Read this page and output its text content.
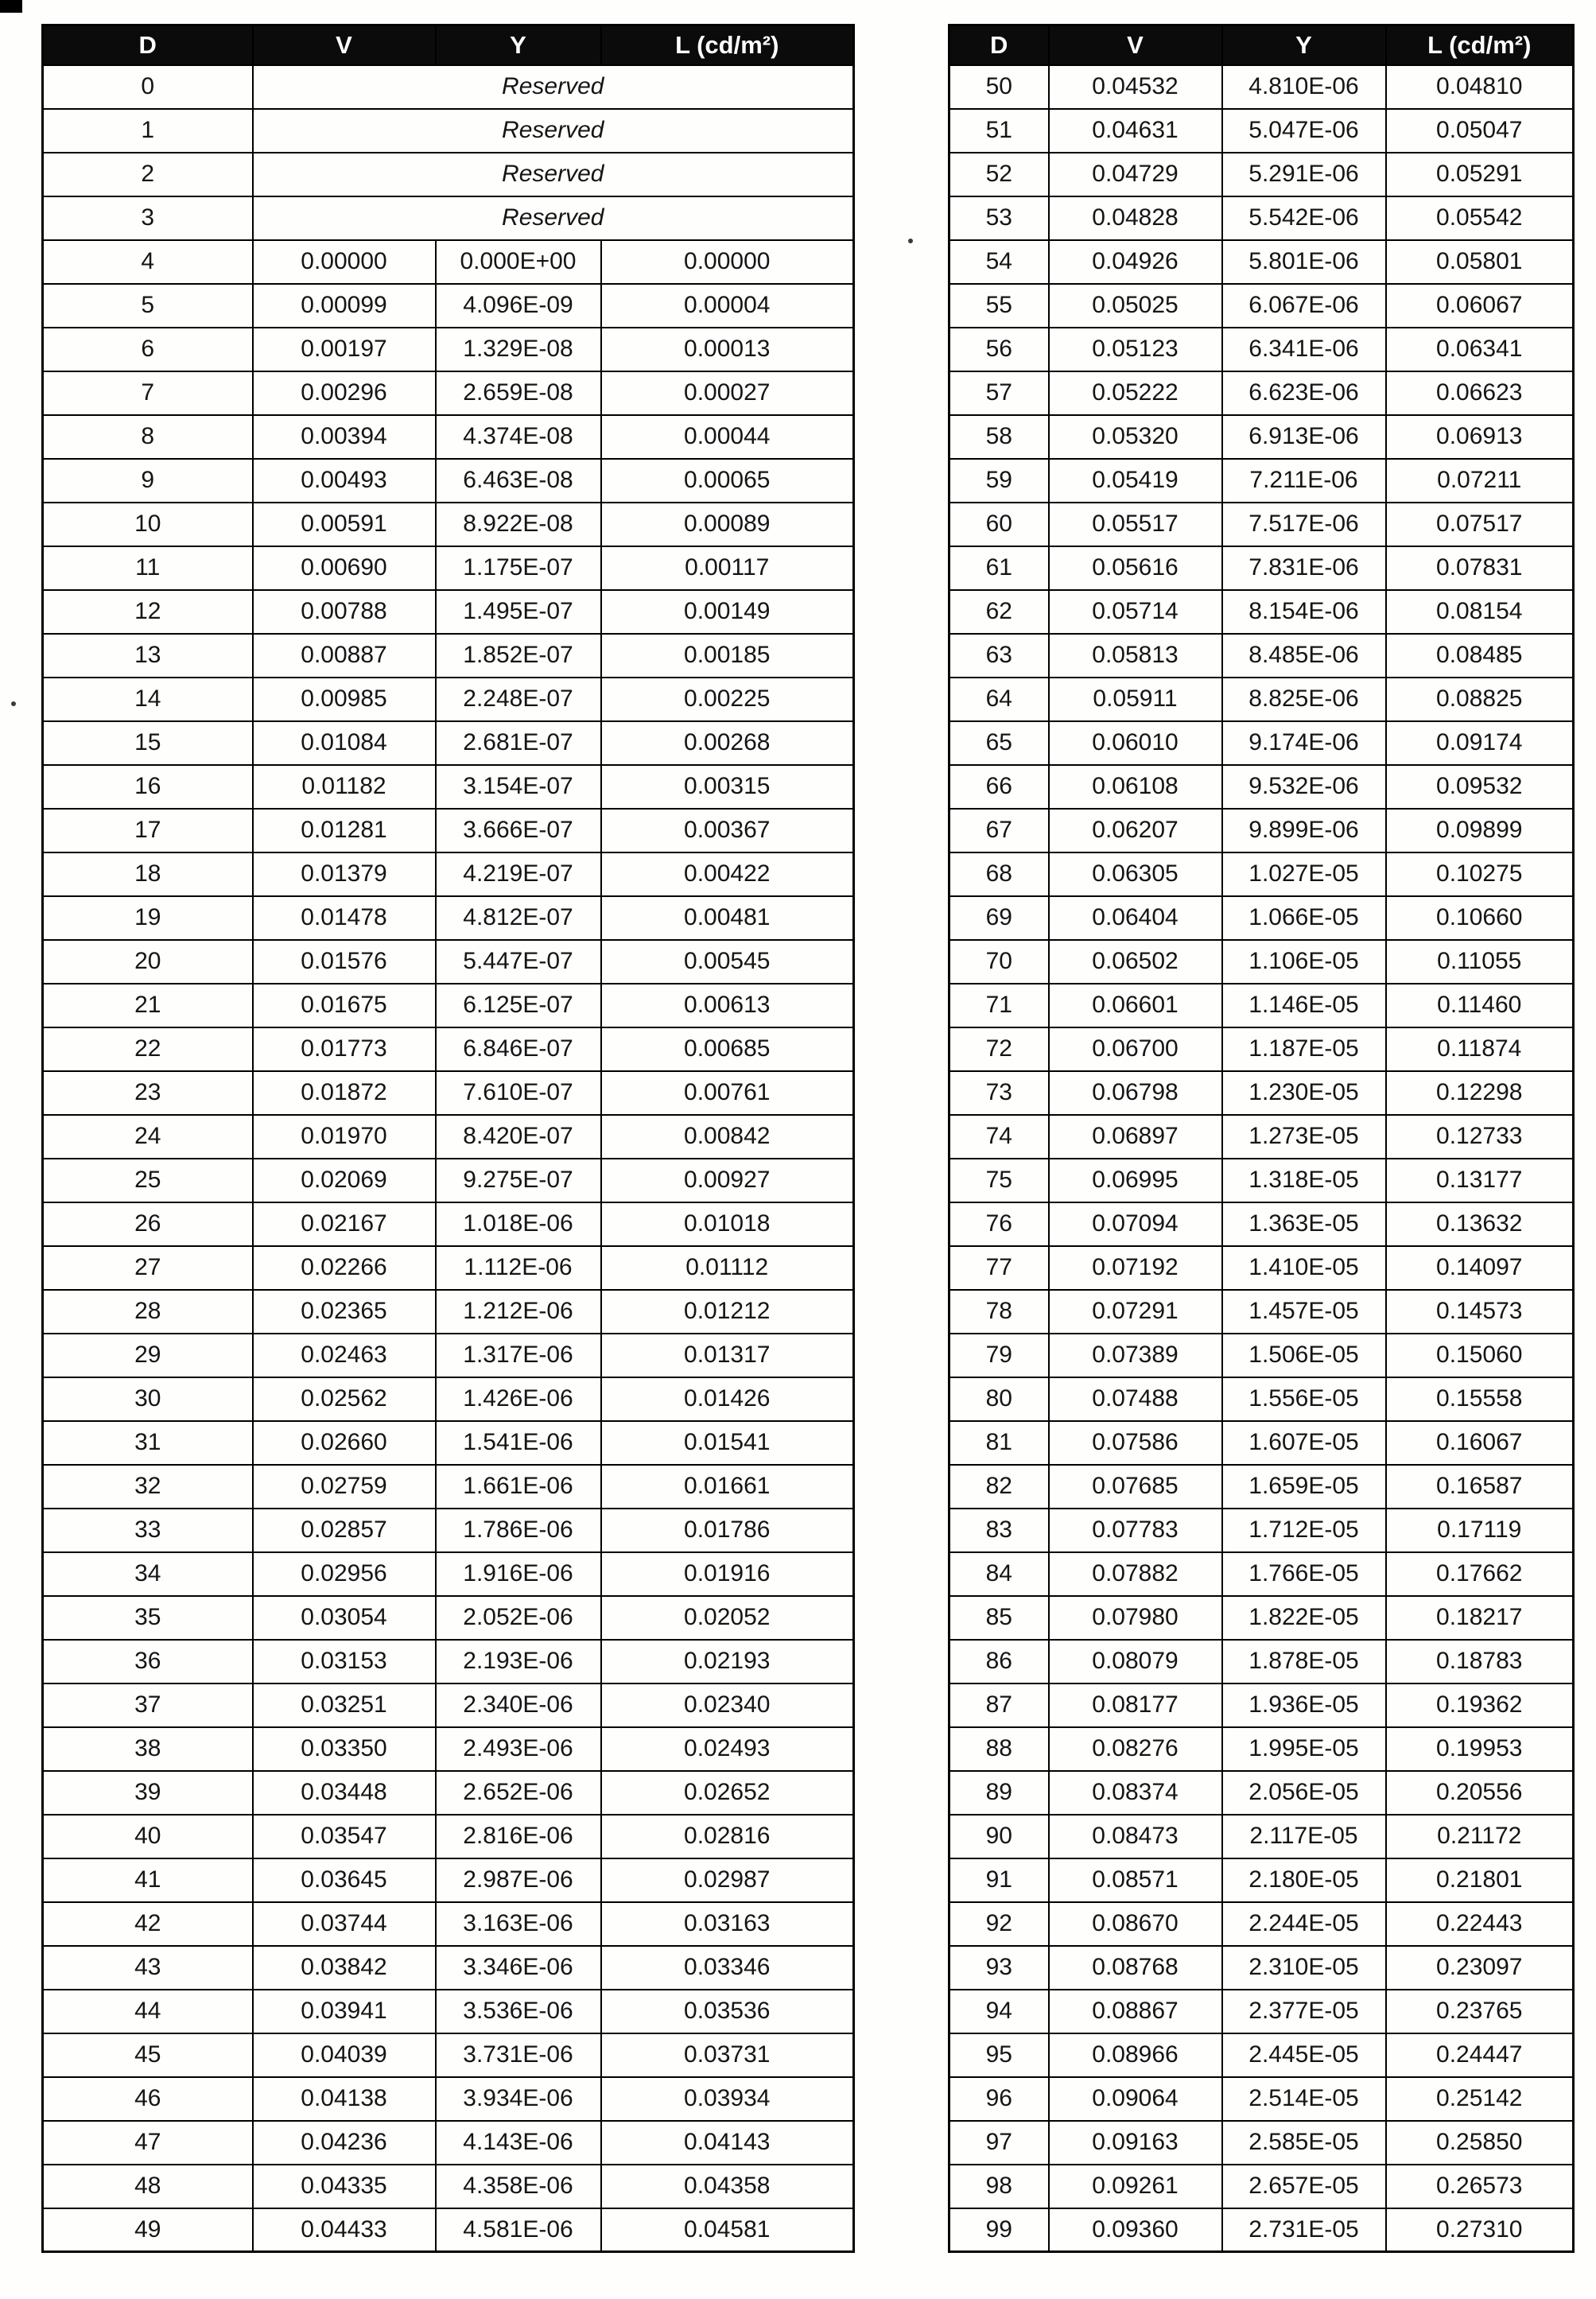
D	V	Y	L (cd/m²)
0	Reserved		
1	Reserved		
2	Reserved		
3	Reserved		
4	0.00000	0.000E+00	0.00000
5	0.00099	4.096E-09	0.00004
6	0.00197	1.329E-08	0.00013
7	0.00296	2.659E-08	0.00027
8	0.00394	4.374E-08	0.00044
9	0.00493	6.463E-08	0.00065
10	0.00591	8.922E-08	0.00089
11	0.00690	1.175E-07	0.00117
12	0.00788	1.495E-07	0.00149
13	0.00887	1.852E-07	0.00185
14	0.00985	2.248E-07	0.00225
15	0.01084	2.681E-07	0.00268
16	0.01182	3.154E-07	0.00315
17	0.01281	3.666E-07	0.00367
18	0.01379	4.219E-07	0.00422
19	0.01478	4.812E-07	0.00481
20	0.01576	5.447E-07	0.00545
21	0.01675	6.125E-07	0.00613
22	0.01773	6.846E-07	0.00685
23	0.01872	7.610E-07	0.00761
24	0.01970	8.420E-07	0.00842
25	0.02069	9.275E-07	0.00927
26	0.02167	1.018E-06	0.01018
27	0.02266	1.112E-06	0.01112
28	0.02365	1.212E-06	0.01212
29	0.02463	1.317E-06	0.01317
30	0.02562	1.426E-06	0.01426
31	0.02660	1.541E-06	0.01541
32	0.02759	1.661E-06	0.01661
33	0.02857	1.786E-06	0.01786
34	0.02956	1.916E-06	0.01916
35	0.03054	2.052E-06	0.02052
36	0.03153	2.193E-06	0.02193
37	0.03251	2.340E-06	0.02340
38	0.03350	2.493E-06	0.02493
39	0.03448	2.652E-06	0.02652
40	0.03547	2.816E-06	0.02816
41	0.03645	2.987E-06	0.02987
42	0.03744	3.163E-06	0.03163
43	0.03842	3.346E-06	0.03346
44	0.03941	3.536E-06	0.03536
45	0.04039	3.731E-06	0.03731
46	0.04138	3.934E-06	0.03934
47	0.04236	4.143E-06	0.04143
48	0.04335	4.358E-06	0.04358
49	0.04433	4.581E-06	0.04581
D	V	Y	L (cd/m²)
50	0.04532	4.810E-06	0.04810
51	0.04631	5.047E-06	0.05047
52	0.04729	5.291E-06	0.05291
53	0.04828	5.542E-06	0.05542
54	0.04926	5.801E-06	0.05801
55	0.05025	6.067E-06	0.06067
56	0.05123	6.341E-06	0.06341
57	0.05222	6.623E-06	0.06623
58	0.05320	6.913E-06	0.06913
59	0.05419	7.211E-06	0.07211
60	0.05517	7.517E-06	0.07517
61	0.05616	7.831E-06	0.07831
62	0.05714	8.154E-06	0.08154
63	0.05813	8.485E-06	0.08485
64	0.05911	8.825E-06	0.08825
65	0.06010	9.174E-06	0.09174
66	0.06108	9.532E-06	0.09532
67	0.06207	9.899E-06	0.09899
68	0.06305	1.027E-05	0.10275
69	0.06404	1.066E-05	0.10660
70	0.06502	1.106E-05	0.11055
71	0.06601	1.146E-05	0.11460
72	0.06700	1.187E-05	0.11874
73	0.06798	1.230E-05	0.12298
74	0.06897	1.273E-05	0.12733
75	0.06995	1.318E-05	0.13177
76	0.07094	1.363E-05	0.13632
77	0.07192	1.410E-05	0.14097
78	0.07291	1.457E-05	0.14573
79	0.07389	1.506E-05	0.15060
80	0.07488	1.556E-05	0.15558
81	0.07586	1.607E-05	0.16067
82	0.07685	1.659E-05	0.16587
83	0.07783	1.712E-05	0.17119
84	0.07882	1.766E-05	0.17662
85	0.07980	1.822E-05	0.18217
86	0.08079	1.878E-05	0.18783
87	0.08177	1.936E-05	0.19362
88	0.08276	1.995E-05	0.19953
89	0.08374	2.056E-05	0.20556
90	0.08473	2.117E-05	0.21172
91	0.08571	2.180E-05	0.21801
92	0.08670	2.244E-05	0.22443
93	0.08768	2.310E-05	0.23097
94	0.08867	2.377E-05	0.23765
95	0.08966	2.445E-05	0.24447
96	0.09064	2.514E-05	0.25142
97	0.09163	2.585E-05	0.25850
98	0.09261	2.657E-05	0.26573
99	0.09360	2.731E-05	0.27310
